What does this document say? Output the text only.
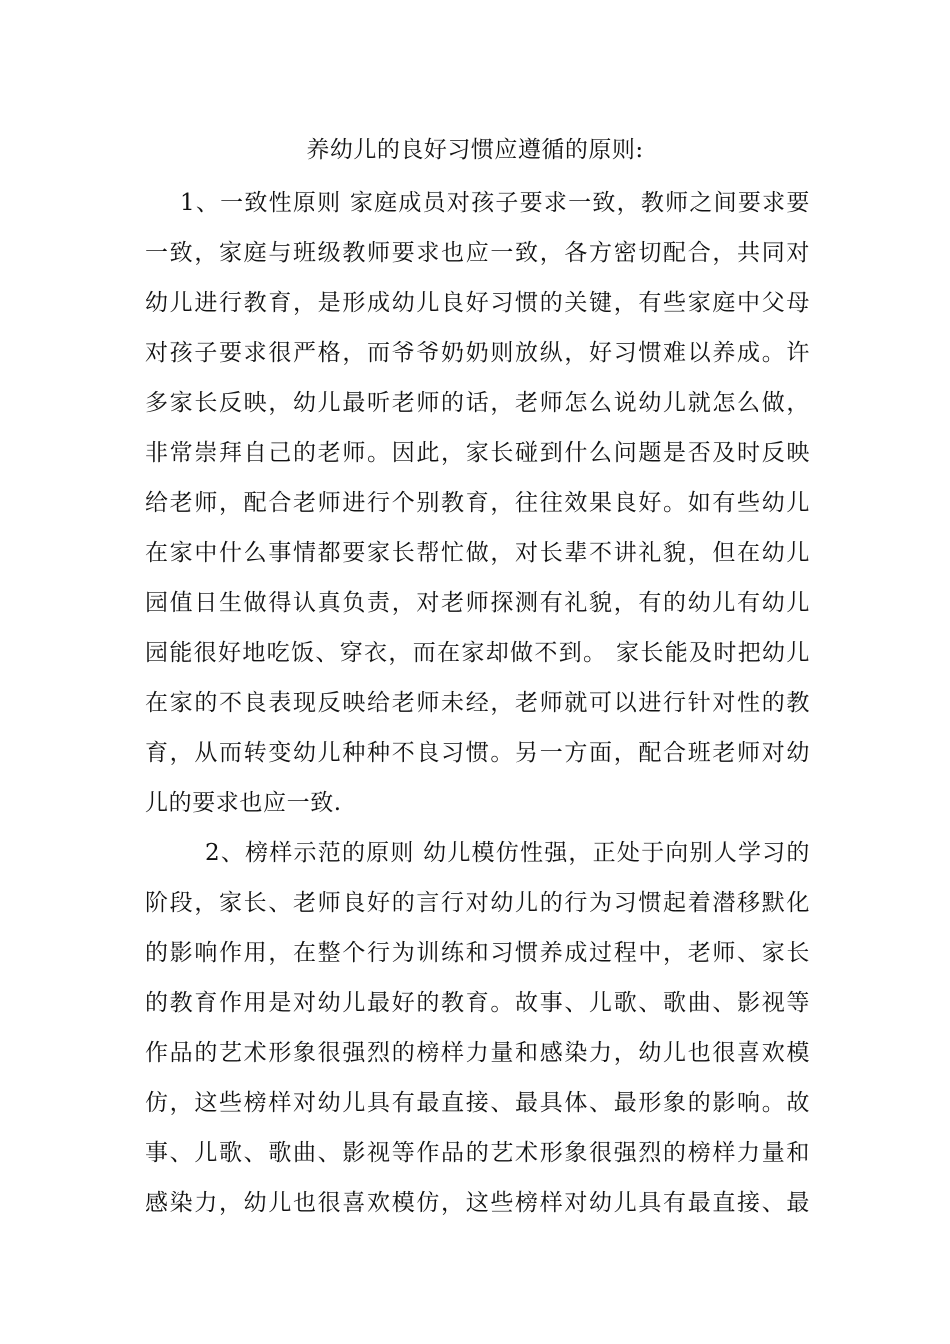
养幼儿的良好习惯应遵循的原则:
1、一致性原则 家庭成员对孩子要求一致，教师之间要求要
一致，家庭与班级教师要求也应一致，各方密切配合，共同对
幼儿进行教育，是形成幼儿良好习惯的关键，有些家庭中父母
对孩子要求很严格，而爷爷奶奶则放纵，好习惯难以养成。许
多家长反映，幼儿最听老师的话，老师怎么说幼儿就怎么做，
非常崇拜自己的老师。因此，家长碰到什么问题是否及时反映
给老师，配合老师进行个别教育，往往效果良好。如有些幼儿
在家中什么事情都要家长帮忙做，对长辈不讲礼貌，但在幼儿
园值日生做得认真负责，对老师探测有礼貌，有的幼儿有幼儿
园能很好地吃饭、穿衣，而在家却做不到。 家长能及时把幼儿
在家的不良表现反映给老师未经，老师就可以进行针对性的教
育，从而转变幼儿种种不良习惯。另一方面，配合班老师对幼
儿的要求也应一致.
2、榜样示范的原则 幼儿模仿性强，正处于向别人学习的
阶段，家长、老师良好的言行对幼儿的行为习惯起着潜移默化
的影响作用，在整个行为训练和习惯养成过程中，老师、家长
的教育作用是对幼儿最好的教育。故事、儿歌、歌曲、影视等
作品的艺术形象很强烈的榜样力量和感染力，幼儿也很喜欢模
仿，这些榜样对幼儿具有最直接、最具体、最形象的影响。故
事、儿歌、歌曲、影视等作品的艺术形象很强烈的榜样力量和
感染力，幼儿也很喜欢模仿，这些榜样对幼儿具有最直接、最
